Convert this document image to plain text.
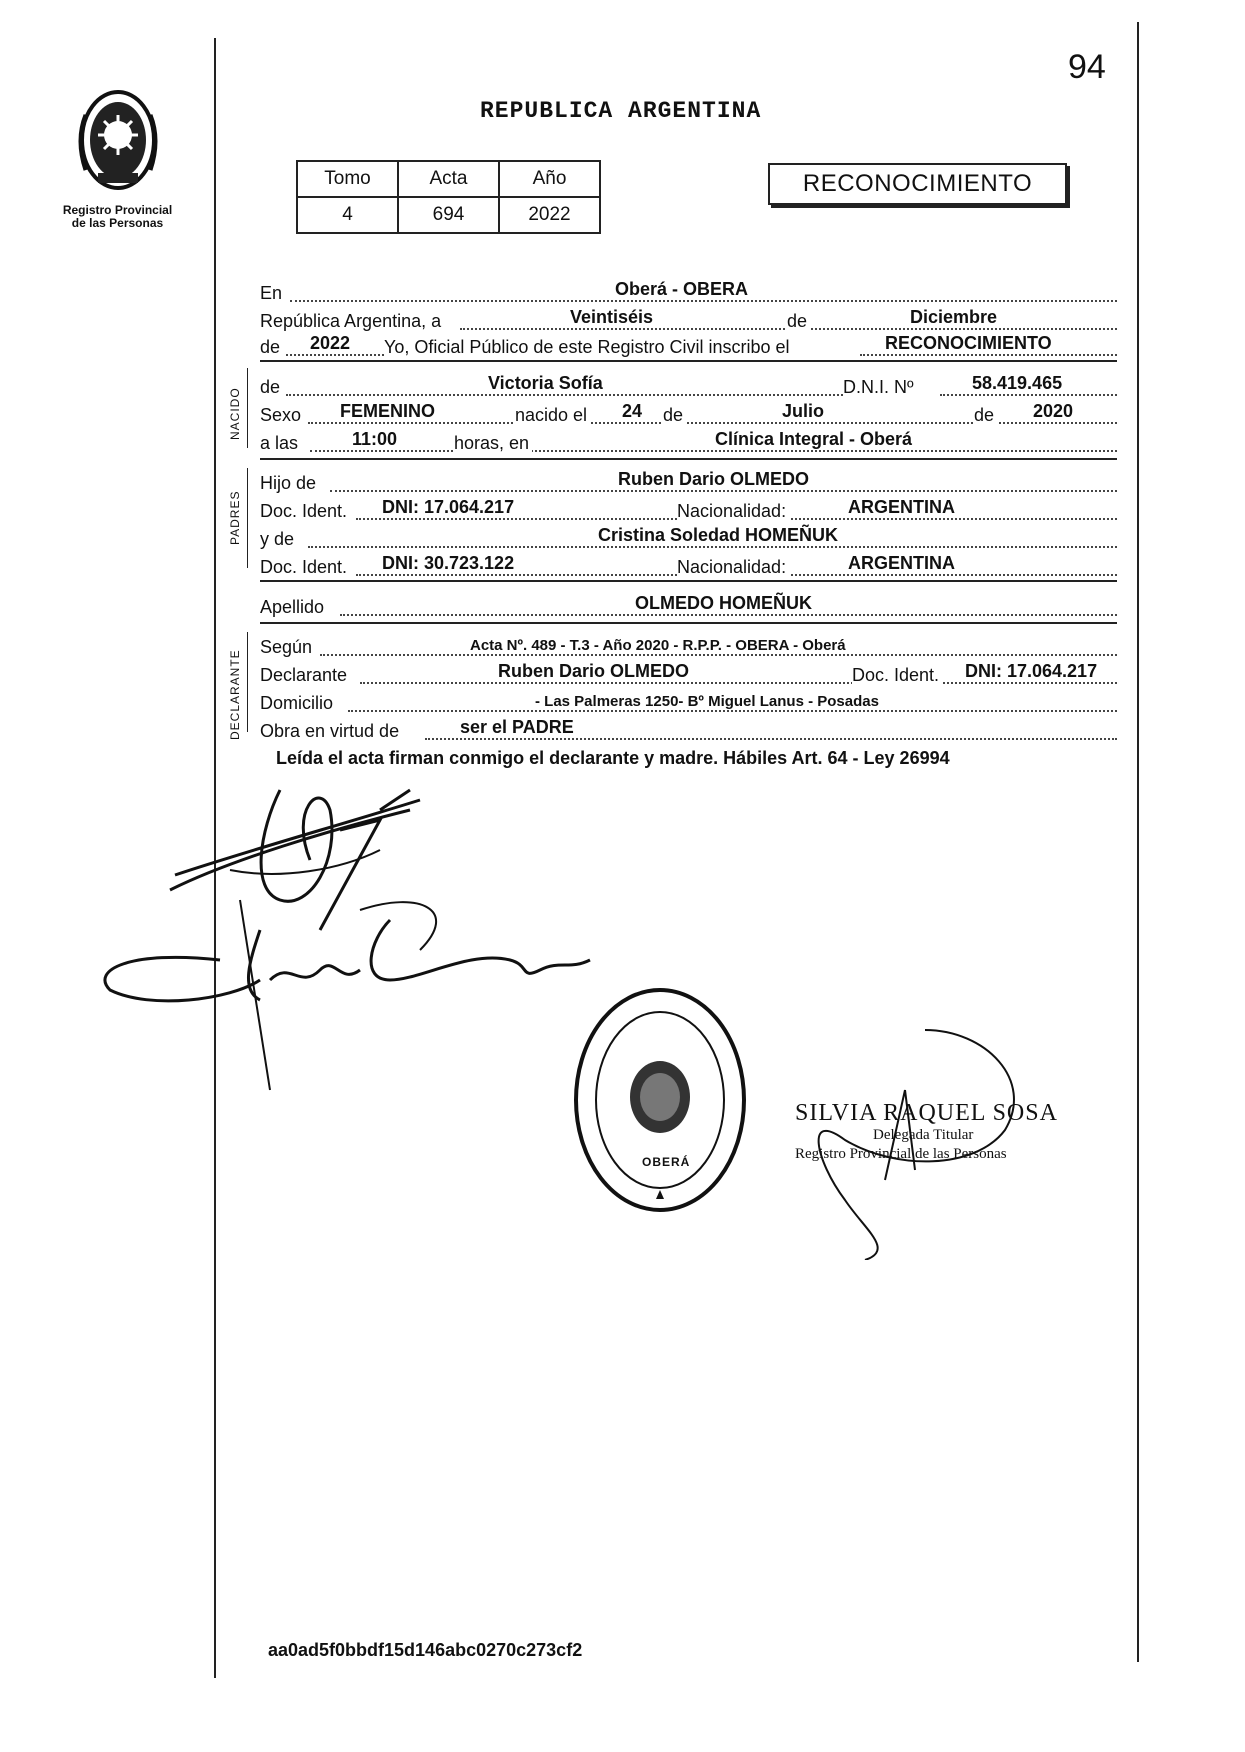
Registro Provincial
de las Personas
94
REPUBLICA ARGENTINA
Tomo	Acta	Año
4	694	2022
RECONOCIMIENTO
En	Oberá - OBERA
República Argentina, a	Veintiséis	de	Diciembre
de 2022 Yo, Oficial Público de este Registro Civil inscribo el	RECONOCIMIENTO
NACIDO
de	Victoria Sofía	D.N.I. Nº	58.419.465
Sexo FEMENINO	nacido el 24 de	Julio	de 2020
a las	11:00	horas, en	Clínica Integral - Oberá
PADRES
Hijo de	Ruben Dario OLMEDO
Doc. Ident. DNI: 17.064.217	Nacionalidad:	ARGENTINA
y de	Cristina Soledad HOMEÑUK
Doc. Ident. DNI: 30.723.122	Nacionalidad:	ARGENTINA
Apellido	OLMEDO HOMEÑUK
DECLARANTE
Según	Acta Nº. 489 - T.3 - Año 2020 - R.P.P. - OBERA - Oberá
Declarante	Ruben Dario OLMEDO	Doc. Ident. DNI: 17.064.217
Domicilio	- Las Palmeras 1250- Bº Miguel Lanus - Posadas
Obra en virtud de	ser el PADRE
Leída el acta firman conmigo el declarante y madre. Hábiles Art. 64 - Ley 26994
OBERÁ
SILVIA RAQUEL SOSA
Delegada Titular
Registro Provincial de las Personas
aa0ad5f0bbdf15d146abc0270c273cf2
